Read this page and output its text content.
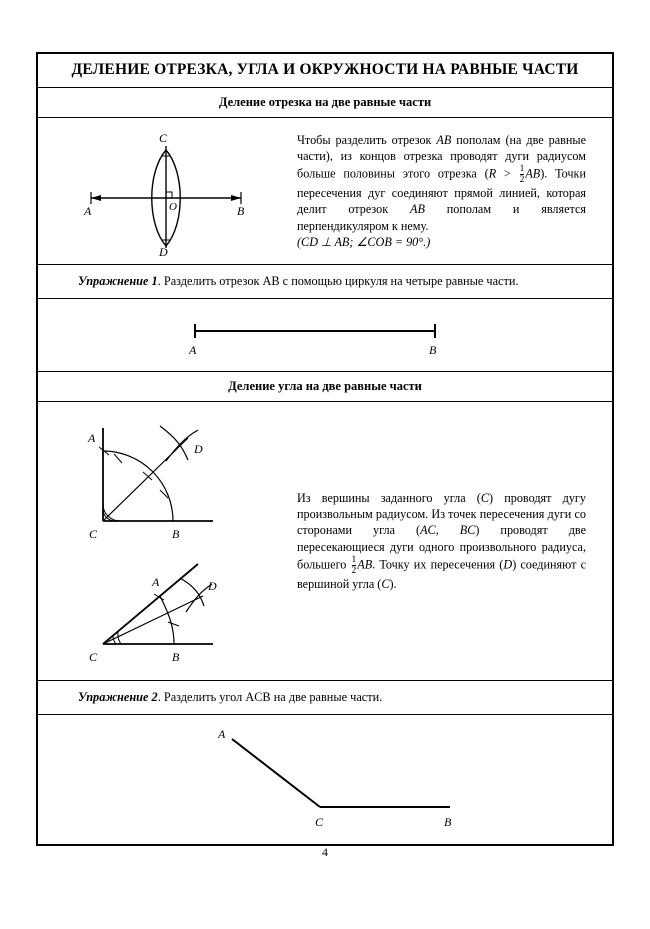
ДЕЛЕНИЕ ОТРЕЗКА, УГЛА И ОКРУЖНОСТИ НА РАВНЫЕ ЧАСТИ
Деление отрезка на две равные части
C
D
A	B
O
Чтобы разделить отрезок AB пополам (на две равные части), из концов отрезка проводят дуги радиусом больше половины этого отрезка $(R > \frac{1}{2} AB)$. Точки пересечения дуг соединяют прямой линией, которая делит отрезок AB пополам и является перпендикуляром к нему.
(CD ⊥ AB; ∠COB = 90°.)
Упражнение 1. Разделить отрезок AB с помощью циркуля на четыре равные части.
A	B
Деление угла на две равные части
A
D
C	B
A	D
C	B
Из вершины заданного угла (C) проводят дугу произвольным радиусом. Из точек пересечения дуги со сторонами угла (AC, BC) проводят две пересекающиеся дуги одного произвольного радиуса, большего $\frac{1}{2}$ AB. Точку их пересечения (D) соединяют с вершиной угла (C).
Упражнение 2. Разделить угол ACB на две равные части.
A
C	B
4
